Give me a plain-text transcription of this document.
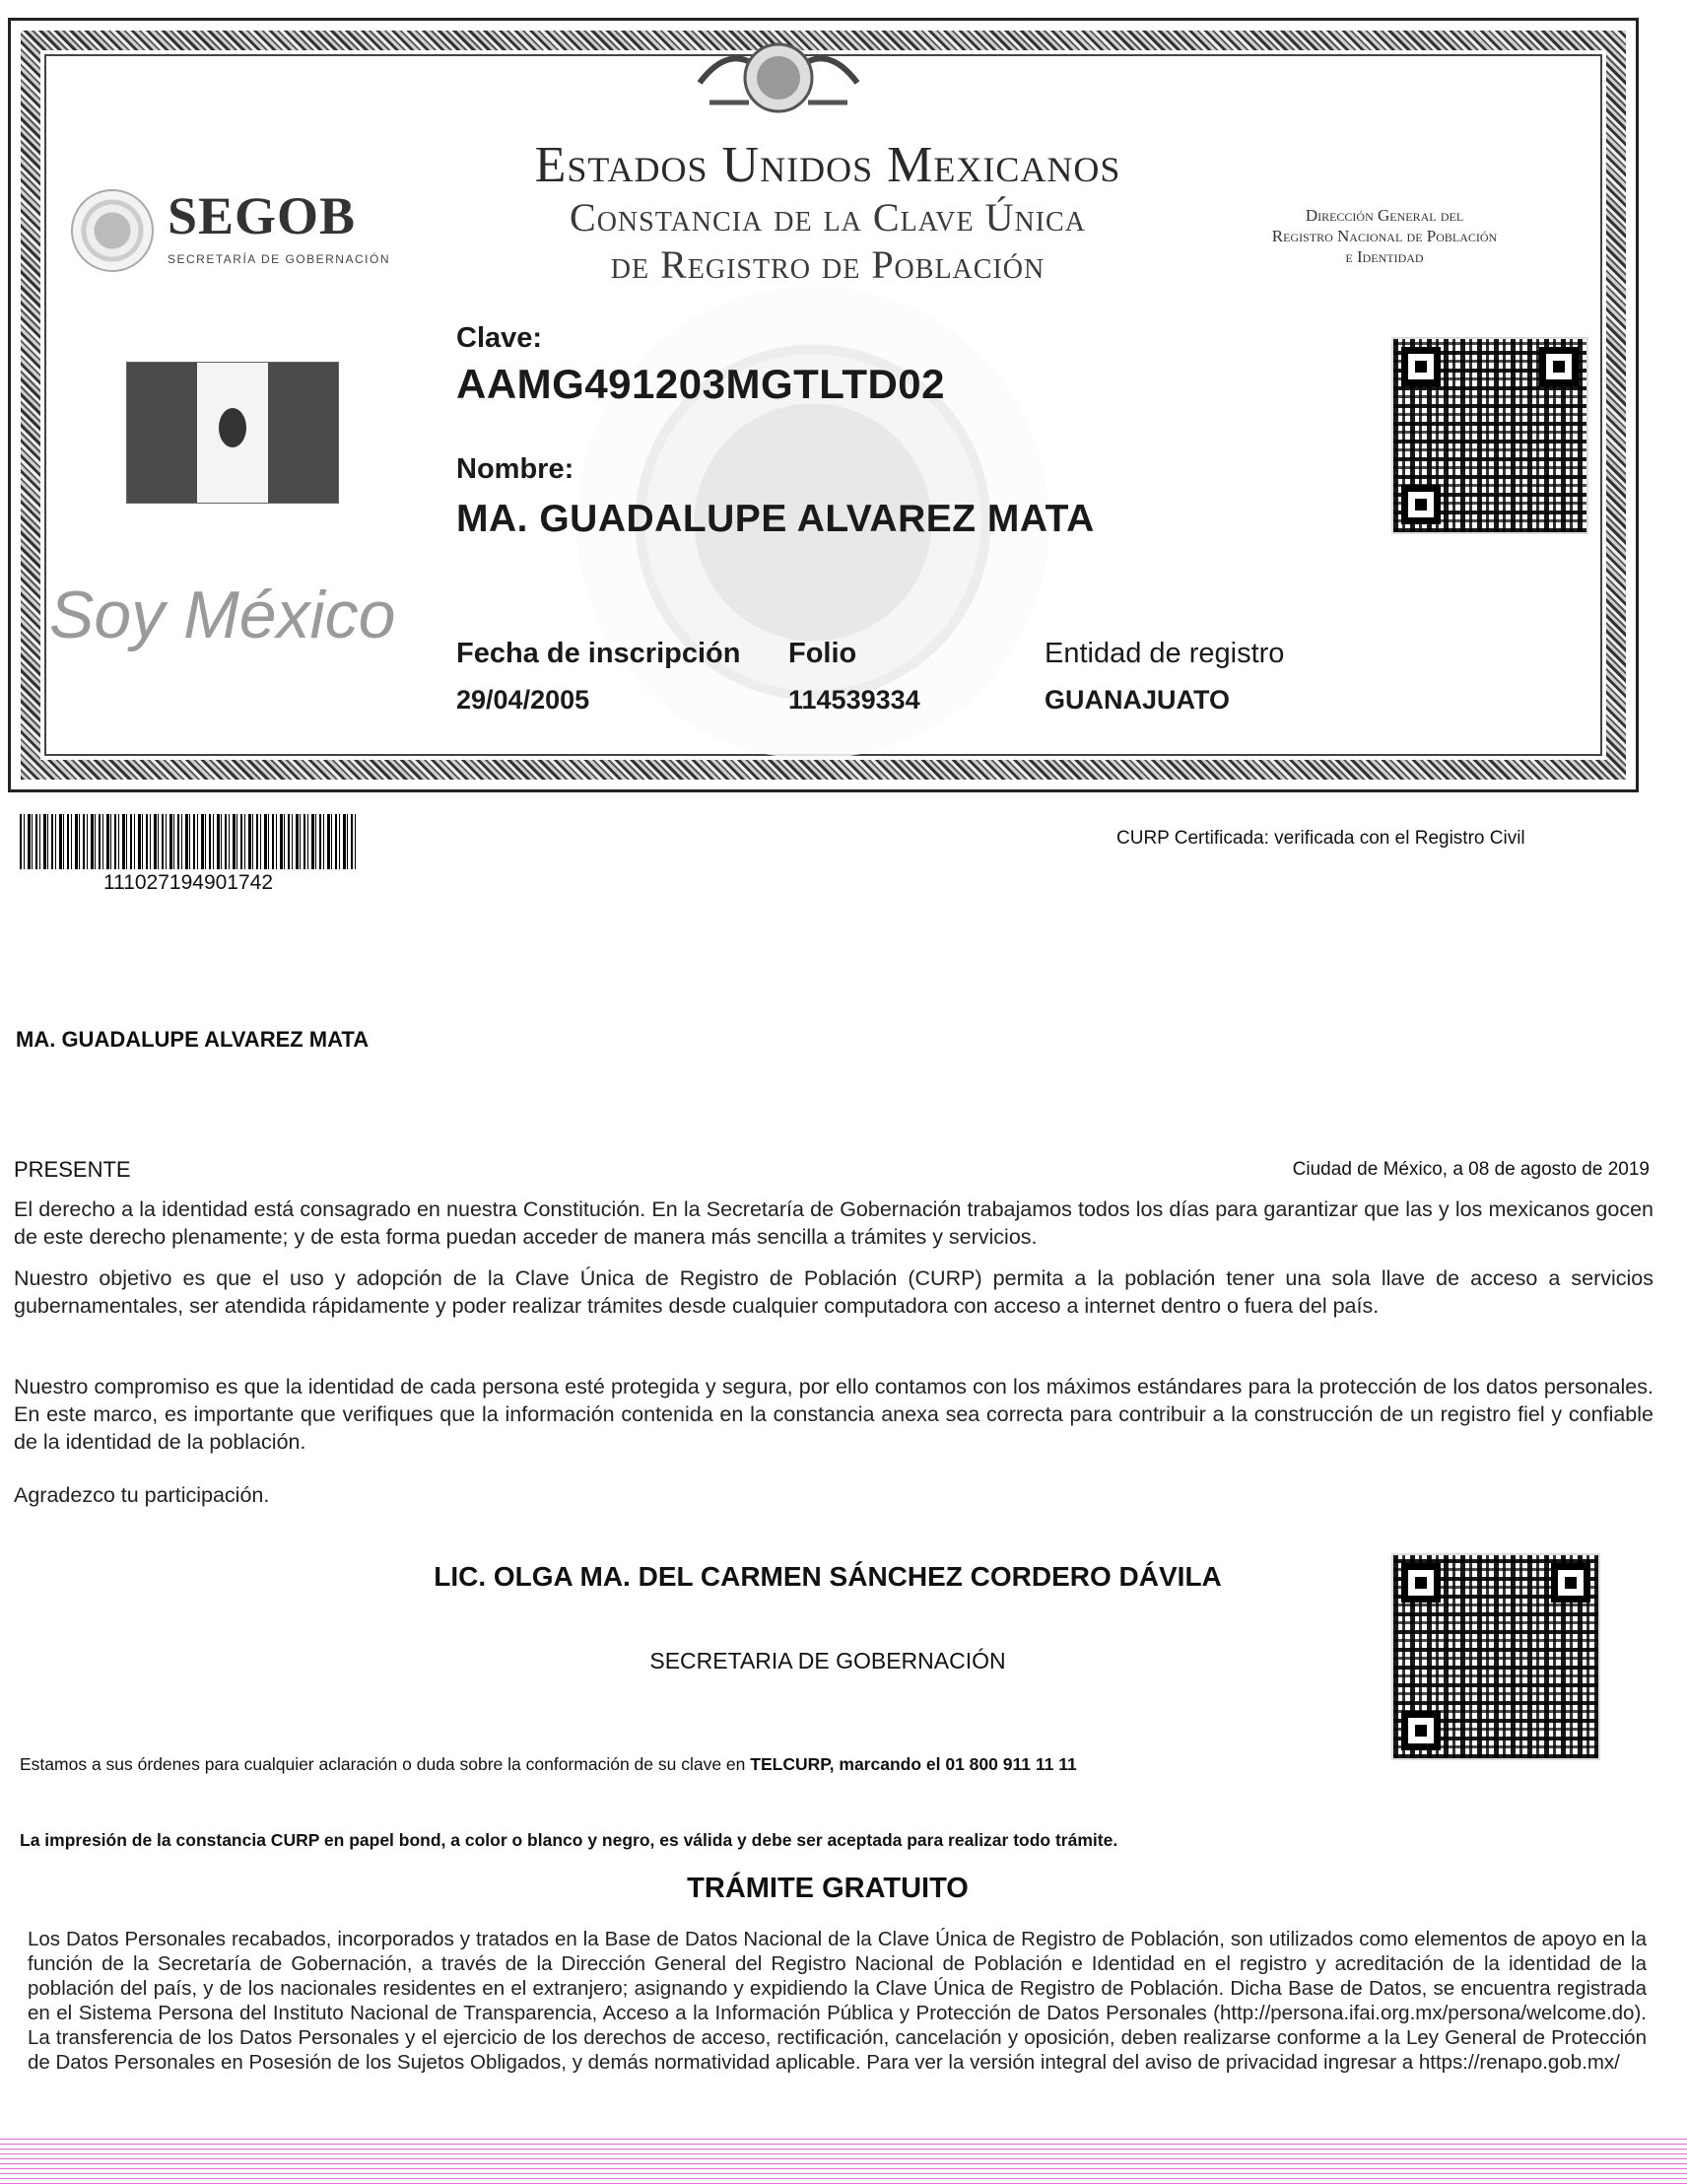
Estados Unidos Mexicanos
Constancia de la Clave Única
de Registro de Población
Dirección General del
Registro Nacional de Población
e Identidad
SEGOB
SECRETARÍA DE GOBERNACIÓN
Soy México
Clave:
AAMG491203MGTLTD02
Nombre:
MA. GUADALUPE ALVAREZ MATA
Fecha de inscripción
29/04/2005
Folio
114539334
Entidad de registro
GUANAJUATO
111027194901742
CURP Certificada: verificada con el Registro Civil
MA. GUADALUPE ALVAREZ MATA
PRESENTE	Ciudad de México, a 08 de agosto de 2019
El derecho a la identidad está consagrado en nuestra Constitución. En la Secretaría de Gobernación trabajamos todos los días para garantizar que las y los mexicanos gocen de este derecho plenamente; y de esta forma puedan acceder de manera más sencilla a trámites y servicios.
Nuestro objetivo es que el uso y adopción de la Clave Única de Registro de Población (CURP) permita a la población tener una sola llave de acceso a servicios gubernamentales, ser atendida rápidamente y poder realizar trámites desde cualquier computadora con acceso a internet dentro o fuera del país.
Nuestro compromiso es que la identidad de cada persona esté protegida y segura, por ello contamos con los máximos estándares para la protección de los datos personales. En este marco, es importante que verifiques que la información contenida en la constancia anexa sea correcta para contribuir a la construcción de un registro fiel y confiable de la identidad de la población.
Agradezco tu participación.
LIC. OLGA MA. DEL CARMEN SÁNCHEZ CORDERO DÁVILA
SECRETARIA DE GOBERNACIÓN
Estamos a sus órdenes para cualquier aclaración o duda sobre la conformación de su clave en TELCURP, marcando el 01 800 911 11 11
La impresión de la constancia CURP en papel bond, a color o blanco y negro, es válida y debe ser aceptada para realizar todo trámite.
TRÁMITE GRATUITO
Los Datos Personales recabados, incorporados y tratados en la Base de Datos Nacional de la Clave Única de Registro de Población, son utilizados como elementos de apoyo en la función de la Secretaría de Gobernación, a través de la Dirección General del Registro Nacional de Población e Identidad en el registro y acreditación de la identidad de la población del país, y de los nacionales residentes en el extranjero; asignando y expidiendo la Clave Única de Registro de Población. Dicha Base de Datos, se encuentra registrada en el Sistema Persona del Instituto Nacional de Transparencia, Acceso a la Información Pública y Protección de Datos Personales (http://persona.ifai.org.mx/persona/welcome.do). La transferencia de los Datos Personales y el ejercicio de los derechos de acceso, rectificación, cancelación y oposición, deben realizarse conforme a la Ley General de Protección de Datos Personales en Posesión de los Sujetos Obligados, y demás normatividad aplicable. Para ver la versión integral del aviso de privacidad ingresar a https://renapo.gob.mx/
